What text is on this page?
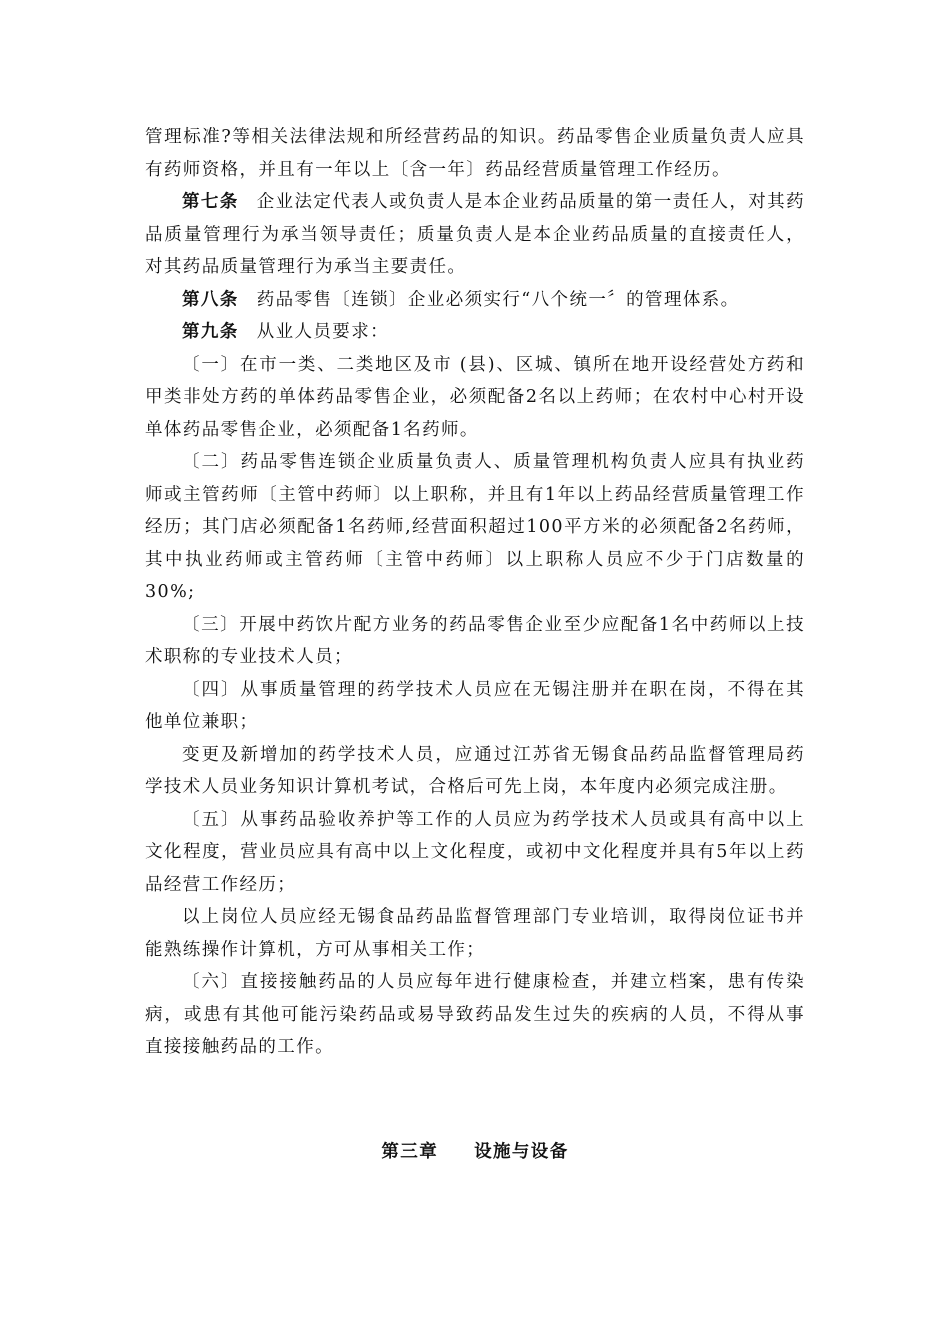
管理标准?等相关法律法规和所经营药品的知识。药品零售企业质量负责人应具有药师资格，并且有一年以上〔含一年〕药品经营质量管理工作经历。

第七条 企业法定代表人或负责人是本企业药品质量的第一责任人，对其药品质量管理行为承当领导责任；质量负责人是本企业药品质量的直接责任人，对其药品质量管理行为承当主要责任。

第八条 药品零售〔连锁〕企业必须实行“八个统一〞的管理体系。

第九条 从业人员要求：

〔一〕在市一类、二类地区及市 (县)、区城、镇所在地开设经营处方药和甲类非处方药的单体药品零售企业，必须配备2名以上药师；在农村中心村开设单体药品零售企业，必须配备1名药师。

〔二〕药品零售连锁企业质量负责人、质量管理机构负责人应具有执业药师或主管药师〔主管中药师〕以上职称，并且有1年以上药品经营质量管理工作经历；其门店必须配备1名药师,经营面积超过100平方米的必须配备2名药师，其中执业药师或主管药师〔主管中药师〕以上职称人员应不少于门店数量的 30%;

〔三〕开展中药饮片配方业务的药品零售企业至少应配备1名中药师以上技术职称的专业技术人员；

〔四〕从事质量管理的药学技术人员应在无锡注册并在职在岗，不得在其他单位兼职；

变更及新增加的药学技术人员，应通过江苏省无锡食品药品监督管理局药学技术人员业务知识计算机考试，合格后可先上岗，本年度内必须完成注册。

〔五〕从事药品验收养护等工作的人员应为药学技术人员或具有高中以上文化程度，营业员应具有高中以上文化程度，或初中文化程度并具有5年以上药品经营工作经历；

以上岗位人员应经无锡食品药品监督管理部门专业培训，取得岗位证书并能熟练操作计算机，方可从事相关工作；

〔六〕直接接触药品的人员应每年进行健康检查，并建立档案，患有传染病，或患有其他可能污染药品或易导致药品发生过失的疾病的人员，不得从事直接接触药品的工作。

第三章 设施与设备
